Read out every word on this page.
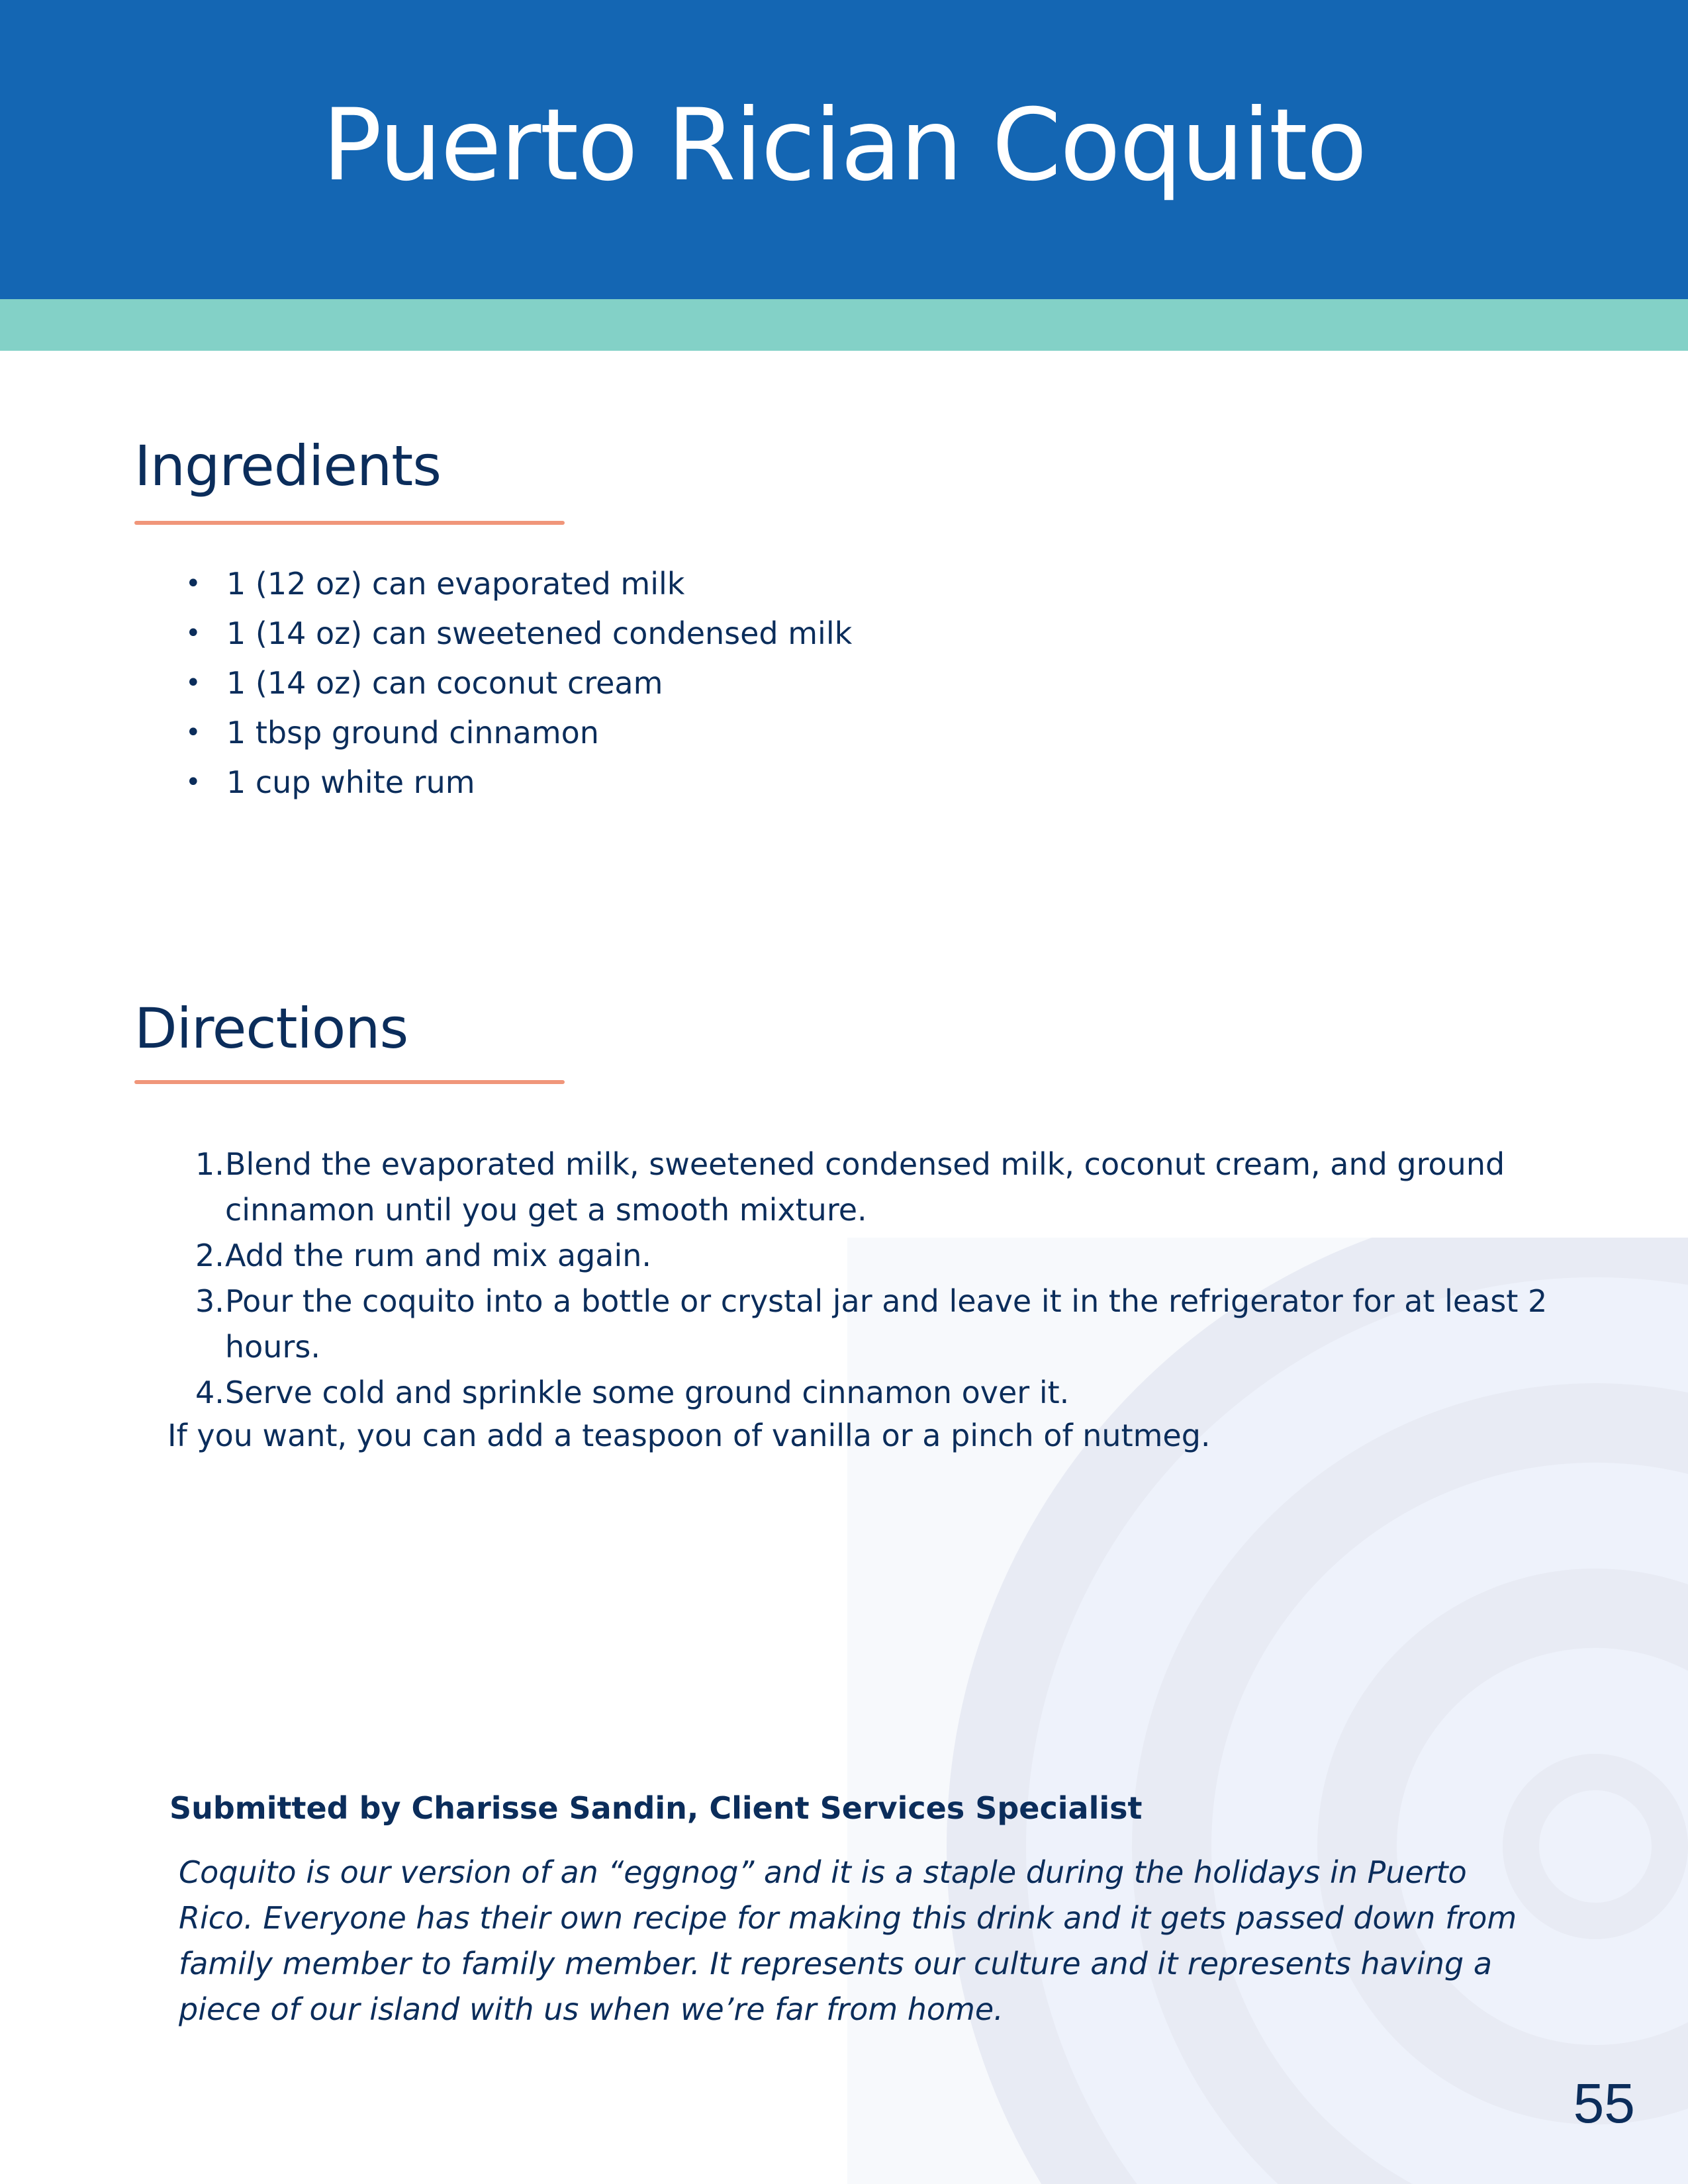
Puerto Rician Coquito
Ingredients
• 1 (12 oz) can evaporated milk
• 1 (14 oz) can sweetened condensed milk
• 1 (14 oz) can coconut cream
• 1 tbsp ground cinnamon
• 1 cup white rum
Directions
1. Blend the evaporated milk, sweetened condensed milk, coconut cream, and ground cinnamon until you get a smooth mixture.
2. Add the rum and mix again.
3. Pour the coquito into a bottle or crystal jar and leave it in the refrigerator for at least 2 hours.
4. Serve cold and sprinkle some ground cinnamon over it.

If you want, you can add a teaspoon of vanilla or a pinch of nutmeg.

Submitted by Charisse Sandin, Client Services Specialist

Coquito is our version of an “eggnog” and it is a staple during the holidays in Puerto Rico. Everyone has their own recipe for making this drink and it gets passed down from family member to family member. It represents our culture and it represents having a piece of our island with us when we’re far from home.

55
